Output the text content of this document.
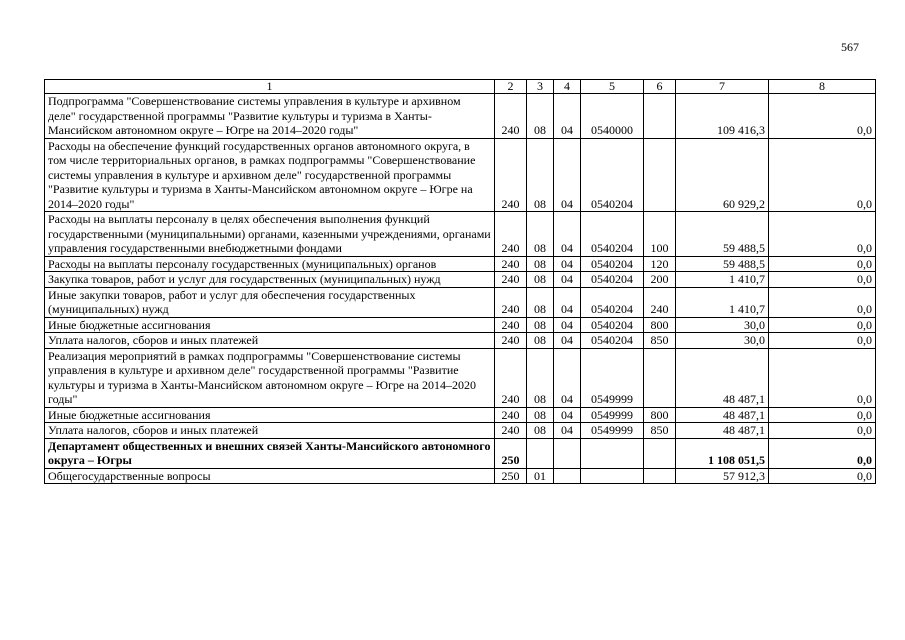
567
1	2	3	4	5	6	7	8
Подпрограмма "Совершенствование системы управления в культуре и архивном деле" государственной программы "Развитие культуры и туризма в Ханты-Мансийском автономном округе – Югре на 2014–2020 годы"	240	08	04	0540000		109 416,3	0,0
Расходы на обеспечение функций государственных органов автономного округа, в том числе территориальных органов, в рамках подпрограммы "Совершенствование системы управления в культуре и архивном деле" государственной программы "Развитие культуры и туризма в Ханты-Мансийском автономном округе – Югре на 2014–2020 годы"	240	08	04	0540204		60 929,2	0,0
Расходы на выплаты персоналу в целях обеспечения выполнения функций государственными (муниципальными) органами, казенными учреждениями, органами управления государственными внебюджетными фондами	240	08	04	0540204	100	59 488,5	0,0
Расходы на выплаты персоналу государственных (муниципальных) органов	240	08	04	0540204	120	59 488,5	0,0
Закупка товаров, работ и услуг для государственных (муниципальных) нужд	240	08	04	0540204	200	1 410,7	0,0
Иные закупки товаров, работ и услуг для обеспечения государственных (муниципальных) нужд	240	08	04	0540204	240	1 410,7	0,0
Иные бюджетные ассигнования	240	08	04	0540204	800	30,0	0,0
Уплата налогов, сборов и иных платежей	240	08	04	0540204	850	30,0	0,0
Реализация мероприятий в рамках подпрограммы "Совершенствование системы управления в культуре и архивном деле" государственной программы "Развитие культуры и туризма в Ханты-Мансийском автономном округе – Югре на 2014–2020 годы"	240	08	04	0549999		48 487,1	0,0
Иные бюджетные ассигнования	240	08	04	0549999	800	48 487,1	0,0
Уплата налогов, сборов и иных платежей	240	08	04	0549999	850	48 487,1	0,0
Департамент общественных и внешних связей Ханты-Мансийского автономного округа – Югры	250					1 108 051,5	0,0
Общегосударственные вопросы	250	01				57 912,3	0,0
